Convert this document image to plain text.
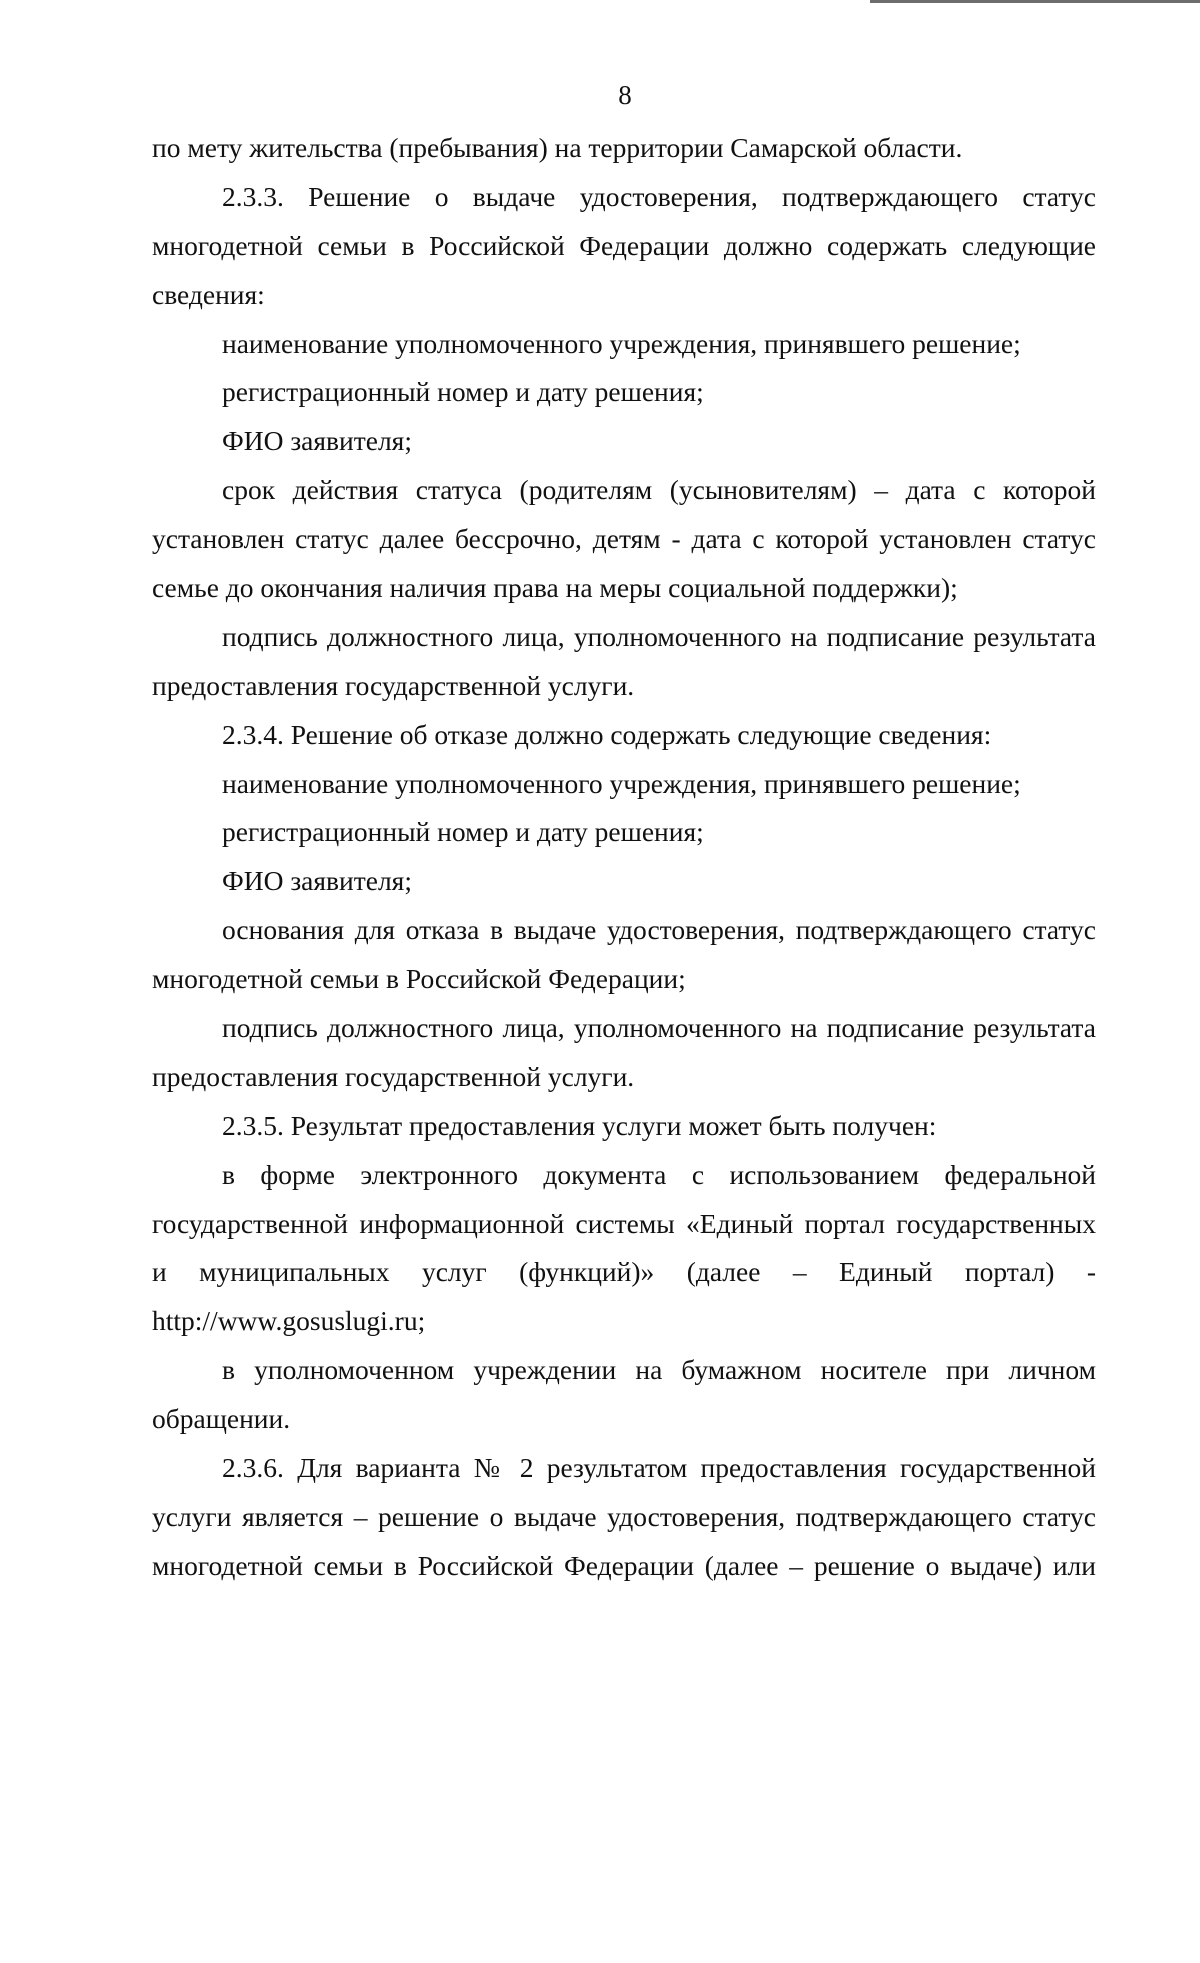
8
по мету жительства (пребывания) на территории Самарской области.
2.3.3. Решение о выдаче удостоверения, подтверждающего статус
многодетной семьи в Российской Федерации должно содержать следующие
сведения:
наименование уполномоченного учреждения, принявшего решение;
регистрационный номер и дату решения;
ФИО заявителя;
срок действия статуса (родителям (усыновителям) – дата с которой
установлен статус далее бессрочно, детям - дата с которой установлен статус
семье до окончания наличия права на меры социальной поддержки);
подпись должностного лица, уполномоченного на подписание результата
предоставления государственной услуги.
2.3.4. Решение об отказе должно содержать следующие сведения:
наименование уполномоченного учреждения, принявшего решение;
регистрационный номер и дату решения;
ФИО заявителя;
основания для отказа в выдаче удостоверения, подтверждающего статус
многодетной семьи в Российской Федерации;
подпись должностного лица, уполномоченного на подписание результата
предоставления государственной услуги.
2.3.5. Результат предоставления услуги может быть получен:
в форме электронного документа с использованием федеральной
государственной информационной системы «Единый портал государственных
и муниципальных услуг (функций)» (далее – Единый портал) -
http://www.gosuslugi.ru;
в уполномоченном учреждении на бумажном носителе при личном
обращении.
2.3.6. Для варианта № 2 результатом предоставления государственной
услуги является – решение о выдаче удостоверения, подтверждающего статус
многодетной семьи в Российской Федерации (далее – решение о выдаче) или
